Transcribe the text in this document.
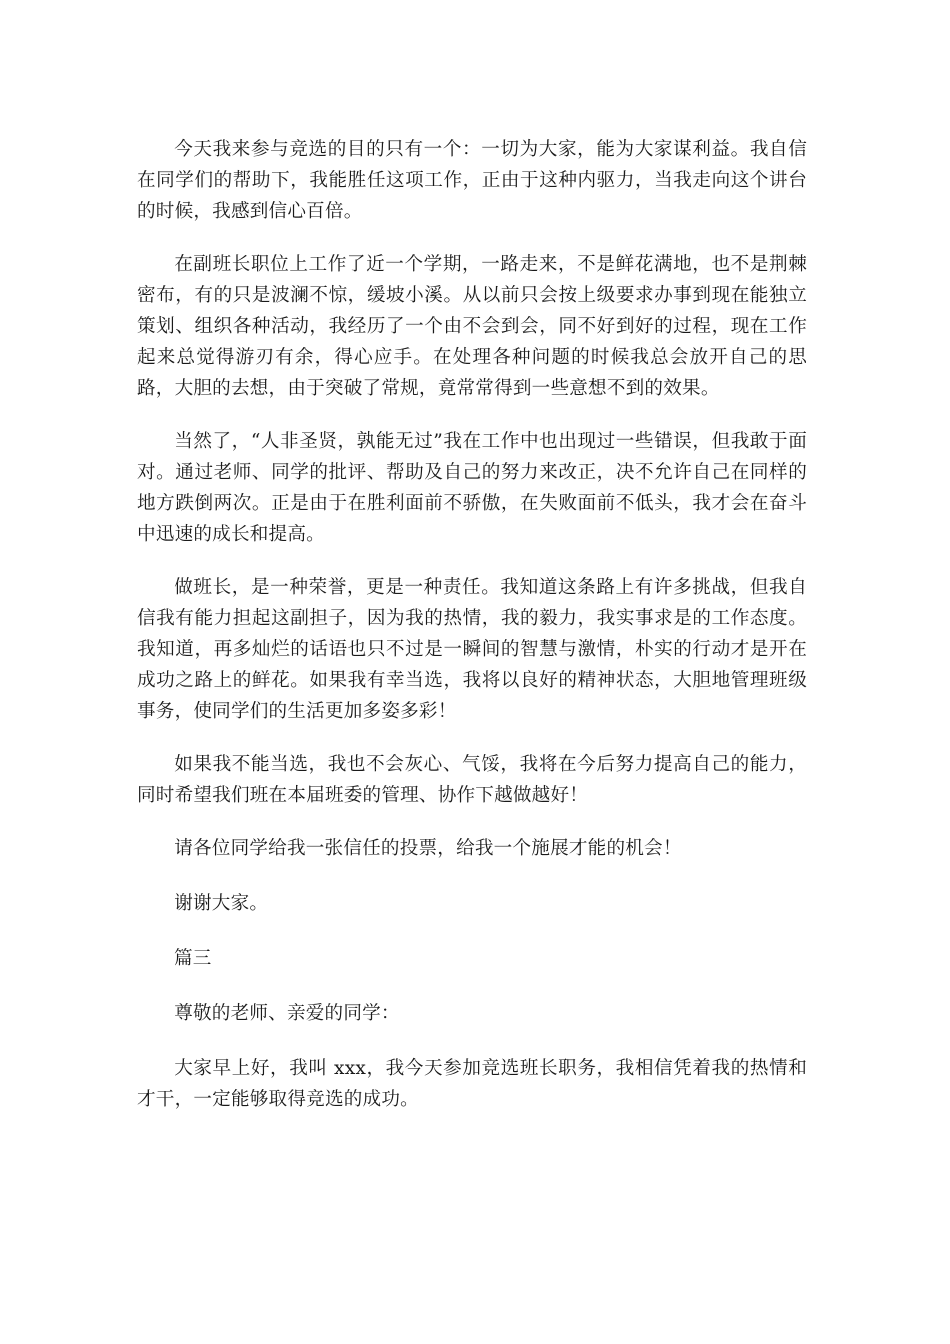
今天我来参与竞选的目的只有一个：一切为大家，能为大家谋利益。我自信在同学们的帮助下，我能胜任这项工作，正由于这种内驱力，当我走向这个讲台的时候，我感到信心百倍。

在副班长职位上工作了近一个学期，一路走来，不是鲜花满地，也不是荆棘密布，有的只是波澜不惊，缓坡小溪。从以前只会按上级要求办事到现在能独立策划、组织各种活动，我经历了一个由不会到会，同不好到好的过程，现在工作起来总觉得游刃有余，得心应手。在处理各种问题的时候我总会放开自己的思路，大胆的去想，由于突破了常规，竟常常得到一些意想不到的效果。

当然了，“人非圣贤，孰能无过”我在工作中也出现过一些错误，但我敢于面对。通过老师、同学的批评、帮助及自己的努力来改正，决不允许自己在同样的地方跌倒两次。正是由于在胜利面前不骄傲，在失败面前不低头，我才会在奋斗中迅速的成长和提高。

做班长，是一种荣誉，更是一种责任。我知道这条路上有许多挑战，但我自信我有能力担起这副担子，因为我的热情，我的毅力，我实事求是的工作态度。我知道，再多灿烂的话语也只不过是一瞬间的智慧与激情，朴实的行动才是开在成功之路上的鲜花。如果我有幸当选，我将以良好的精神状态，大胆地管理班级事务，使同学们的生活更加多姿多彩！

如果我不能当选，我也不会灰心、气馁，我将在今后努力提高自己的能力，同时希望我们班在本届班委的管理、协作下越做越好！

请各位同学给我一张信任的投票，给我一个施展才能的机会！

谢谢大家。

篇三

尊敬的老师、亲爱的同学：

大家早上好，我叫 xxx，我今天参加竞选班长职务，我相信凭着我的热情和才干，一定能够取得竞选的成功。
